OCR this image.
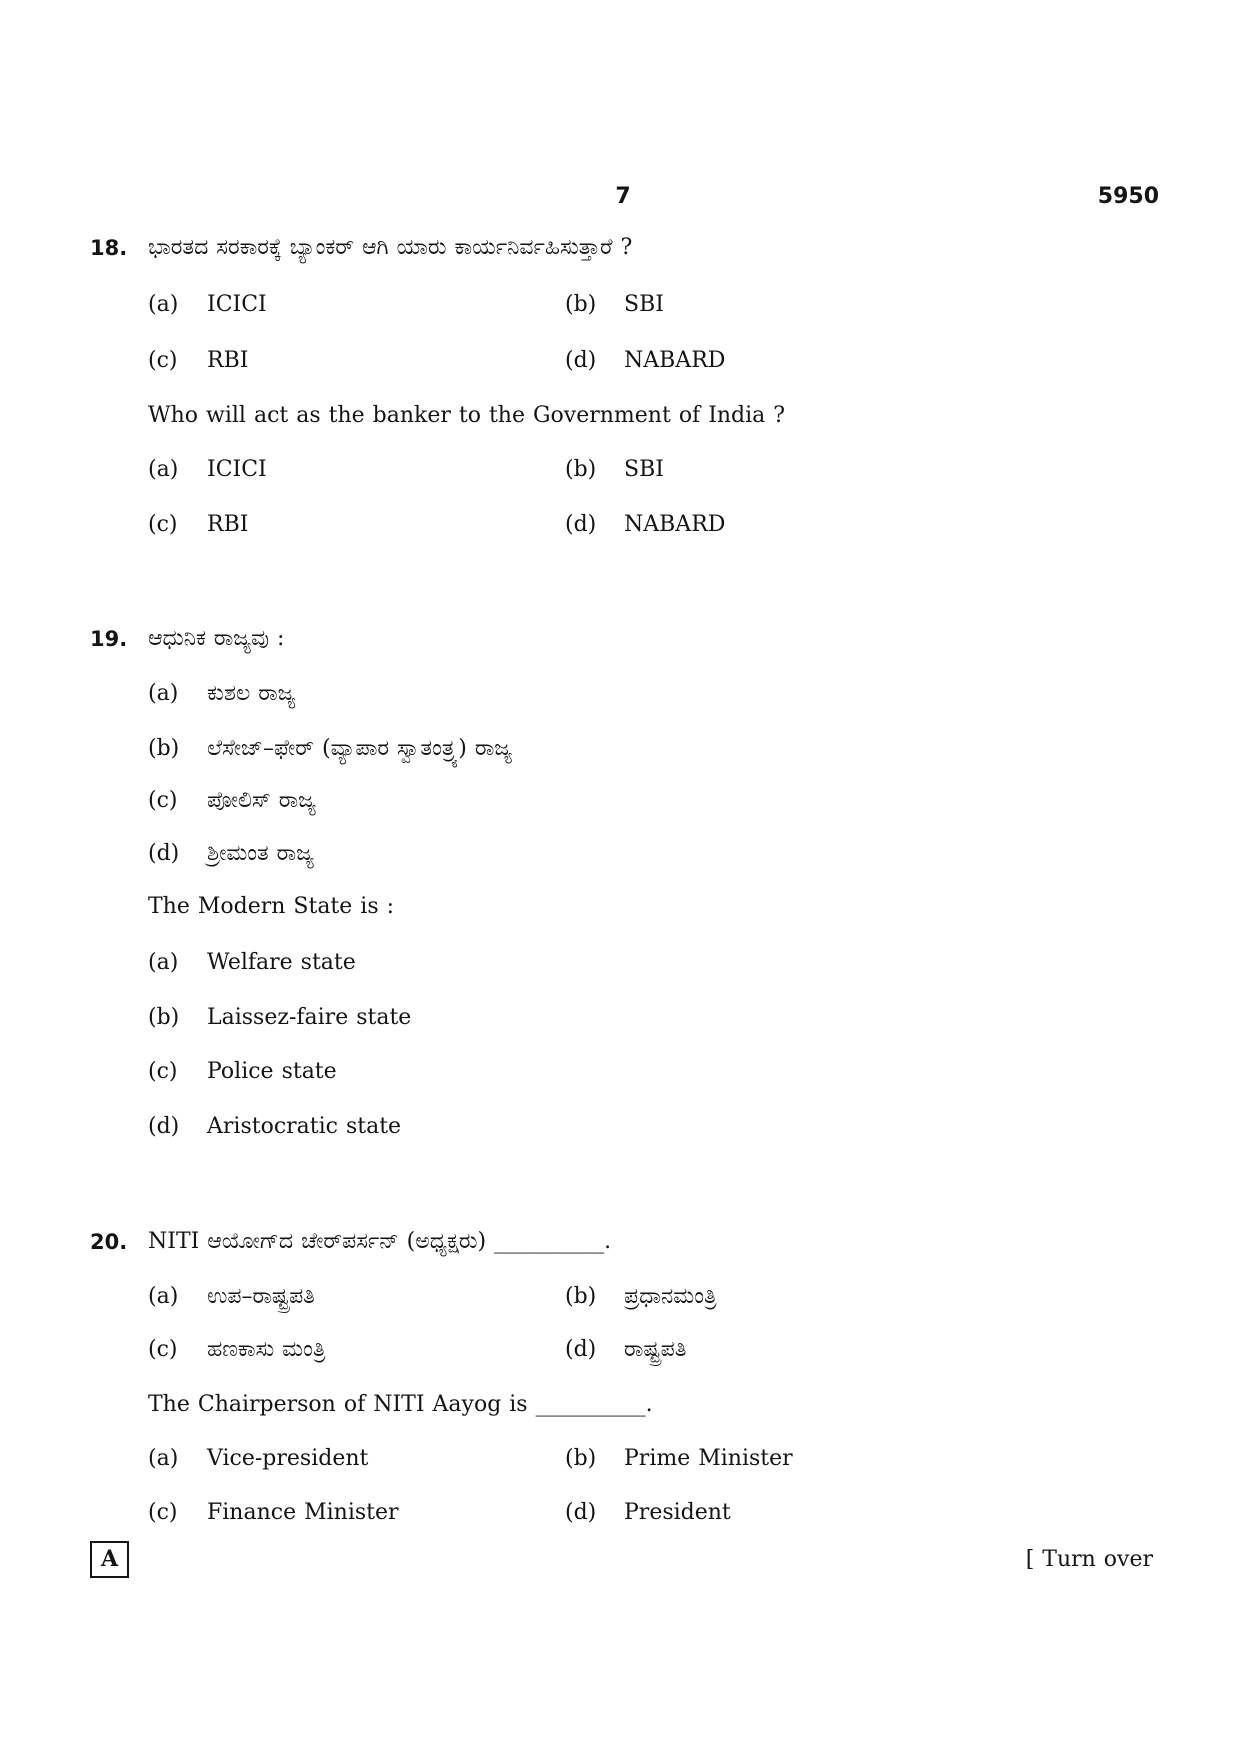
7	5950
18. ಭಾರತದ ಸರಕಾರಕ್ಕೆ ಬ್ಯಾಂಕರ್ ಆಗಿ ಯಾರು ಕಾರ್ಯನಿರ್ವಹಿಸುತ್ತಾರೆ ?
(a) ICICI	(b) SBI
(c) RBI	(d) NABARD
Who will act as the banker to the Government of India ?
(a) ICICI	(b) SBI
(c) RBI	(d) NABARD
19. ಆಧುನಿಕ ರಾಜ್ಯವು :
(a) ಕುಶಲ ರಾಜ್ಯ
(b) ಲೆಸೇಜ್–ಫೇರ್ (ವ್ಯಾಪಾರ ಸ್ವಾತಂತ್ರ್ಯ) ರಾಜ್ಯ
(c) ಪೋಲಿಸ್ ರಾಜ್ಯ
(d) ಶ್ರೀಮಂತ ರಾಜ್ಯ
The Modern State is :
(a) Welfare state
(b) Laissez-faire state
(c) Police state
(d) Aristocratic state
20. NITI ಆಯೋಗ್‌ದ ಚೇರ್‌ಪರ್ಸನ್ (ಅಧ್ಯಕ್ಷರು) __________.
(a) ಉಪ–ರಾಷ್ಟ್ರಪತಿ	(b) ಪ್ರಧಾನಮಂತ್ರಿ
(c) ಹಣಕಾಸು ಮಂತ್ರಿ	(d) ರಾಷ್ಟ್ರಪತಿ
The Chairperson of NITI Aayog is __________.
(a) Vice-president	(b) Prime Minister
(c) Finance Minister	(d) President
A	[ Turn over
